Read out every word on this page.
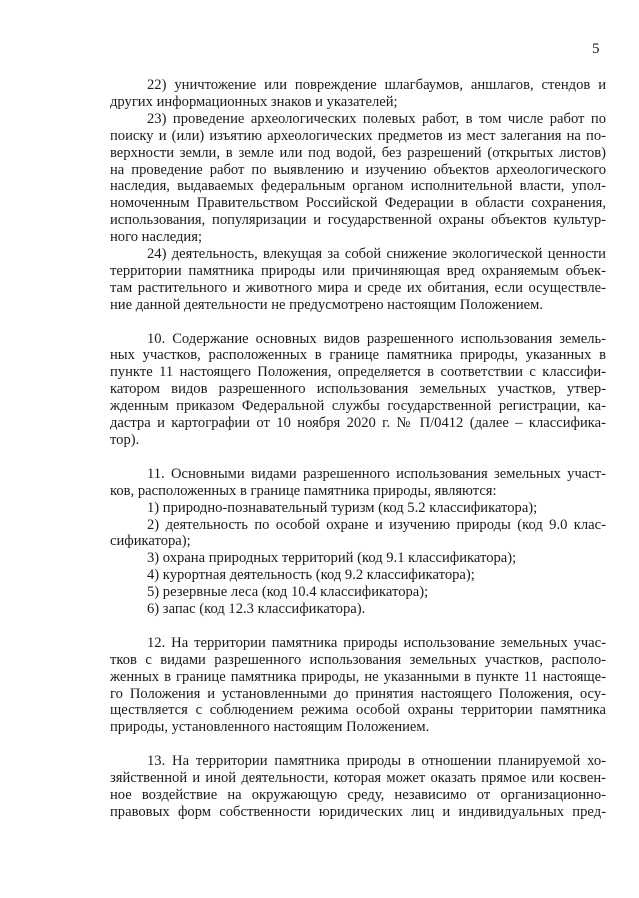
5
22) уничтожение или повреждение шлагбаумов, аншлагов, стендов и
других информационных знаков и указателей;
23) проведение археологических полевых работ, в том числе работ по
поиску и (или) изъятию археологических предметов из мест залегания на по-
верхности земли, в земле или под водой, без разрешений (открытых листов)
на проведение работ по выявлению и изучению объектов археологического
наследия, выдаваемых федеральным органом исполнительной власти, упол-
номоченным Правительством Российской Федерации в области сохранения,
использования, популяризации и государственной охраны объектов культур-
ного наследия;
24) деятельность, влекущая за собой снижение экологической ценности
территории памятника природы или причиняющая вред охраняемым объек-
там растительного и животного мира и среде их обитания, если осуществле-
ние данной деятельности не предусмотрено настоящим Положением.
10. Содержание основных видов разрешенного использования земель-
ных участков, расположенных в границе памятника природы, указанных в
пункте 11 настоящего Положения, определяется в соответствии с классифи-
катором видов разрешенного использования земельных участков, утвер-
жденным приказом Федеральной службы государственной регистрации, ка-
дастра и картографии от 10 ноября 2020 г. № П/0412 (далее – классифика-
тор).
11. Основными видами разрешенного использования земельных участ-
ков, расположенных в границе памятника природы, являются:
1) природно-познавательный туризм (код 5.2 классификатора);
2) деятельность по особой охране и изучению природы (код 9.0 клас-
сификатора);
3) охрана природных территорий (код 9.1 классификатора);
4) курортная деятельность (код 9.2 классификатора);
5) резервные леса (код 10.4 классификатора);
6) запас (код 12.3 классификатора).
12. На территории памятника природы использование земельных учас-
тков с видами разрешенного использования земельных участков, располо-
женных в границе памятника природы, не указанными в пункте 11 настояще-
го Положения и установленными до принятия настоящего Положения, осу-
ществляется с соблюдением режима особой охраны территории памятника
природы, установленного настоящим Положением.
13. На территории памятника природы в отношении планируемой хо-
зяйственной и иной деятельности, которая может оказать прямое или косвен-
ное воздействие на окружающую среду, независимо от организационно-
правовых форм собственности юридических лиц и индивидуальных пред-
